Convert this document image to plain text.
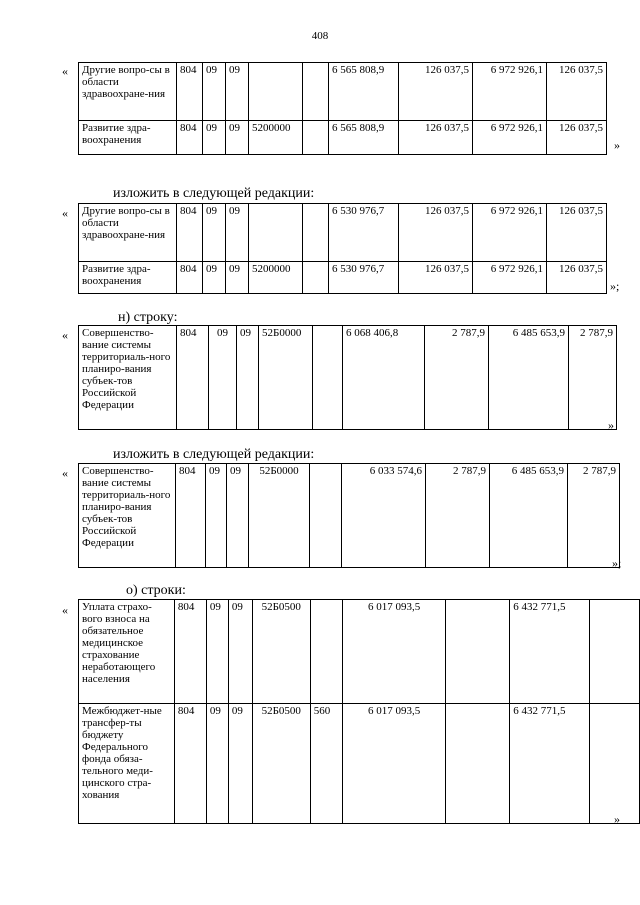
408
« Другие вопро-сы в области здравоохране-ния	804	09	09			6 565 808,9	126 037,5	6 972 926,1	126 037,5
Развитие здра-воохранения	804	09	09	5200000		6 565 808,9	126 037,5	6 972 926,1	126 037,5
»
изложить в следующей редакции:
Другие вопро-сы в области здравоохране-ния	804	09	09			6 530 976,7	126 037,5	6 972 926,1	126 037,5
Развитие здра-воохранения	804	09	09	5200000		6 530 976,7	126 037,5	6 972 926,1	126 037,5
«
»;
н) строку:
« Совершенство-вание системы территориаль-ного планиро-вания субъек-тов Российской Федерации	804	09	09	52Б0000		6 068 406,8	2 787,9	6 485 653,9	2 787,9
»
изложить в следующей редакции:
« Совершенство-вание системы территориаль-ного планиро-вания субъек-тов Российской Федерации	804	09	09	52Б0000		6 033 574,6	2 787,9	6 485 653,9	2 787,9
»;
о) строки:
« Уплата страхо-вого взноса на обязательное медицинское страхование неработающего населения	804	09	09	52Б0500		6 017 093,5		6 432 771,5	
Межбюджет-ные трансфер-ты бюджету Федерального фонда обяза-тельного меди-цинского стра-хования	804	09	09	52Б0500	560	6 017 093,5		6 432 771,5	
»
